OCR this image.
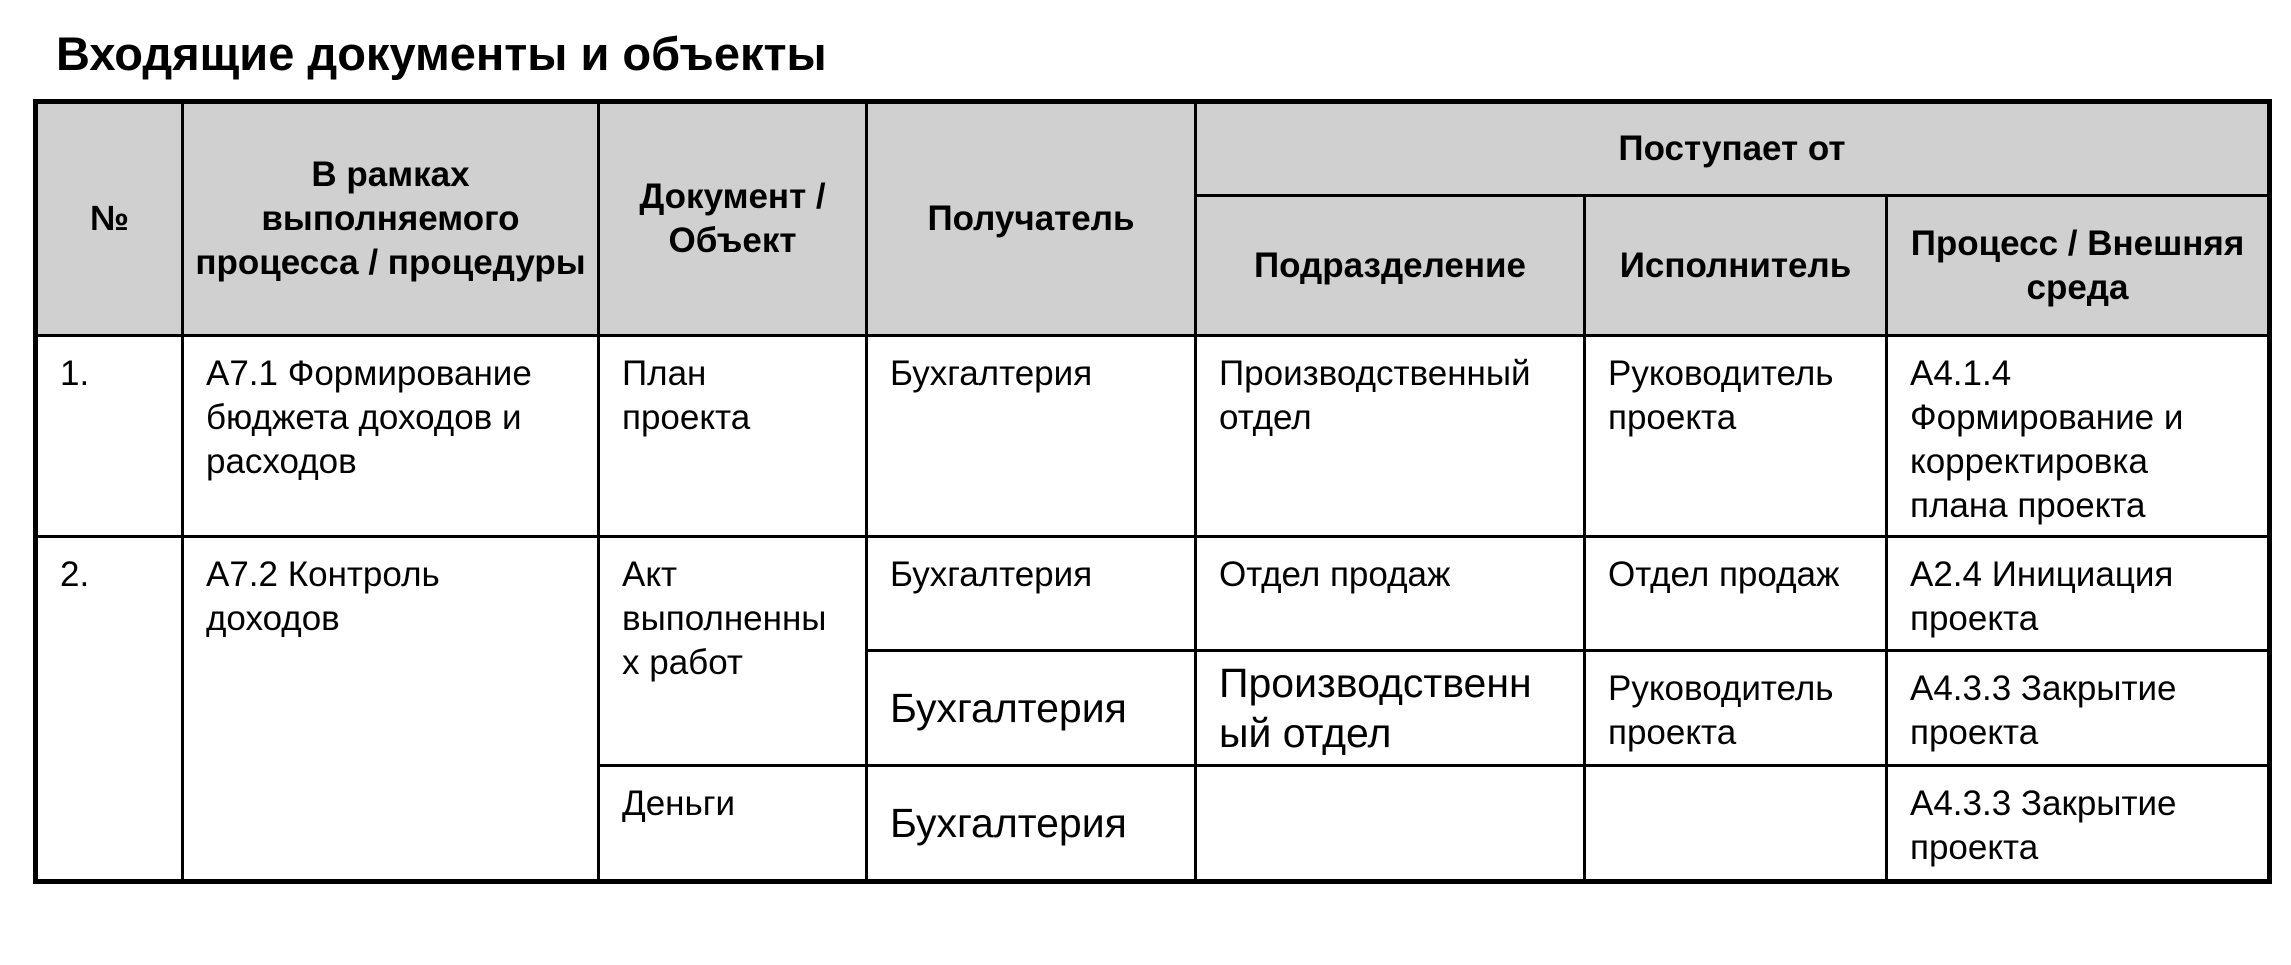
Входящие документы и объекты
№	В рамках выполняемого процесса / процедуры	Документ / Объект	Получатель	Поступает от		
				Подразделение	Исполнитель	Процесс / Внешняя среда
1.	А7.1 Формирование бюджета доходов и расходов	План проекта	Бухгалтерия	Производственный отдел	Руководитель проекта	А4.1.4 Формирование и корректировка плана проекта
2.	А7.2 Контроль доходов	Акт выполненны х работ	Бухгалтерия	Отдел продаж	Отдел продаж	А2.4 Инициация проекта
			Бухгалтерия	Производственн ый отдел	Руководитель проекта	А4.3.3 Закрытие проекта
		Деньги	Бухгалтерия			А4.3.3 Закрытие проекта
